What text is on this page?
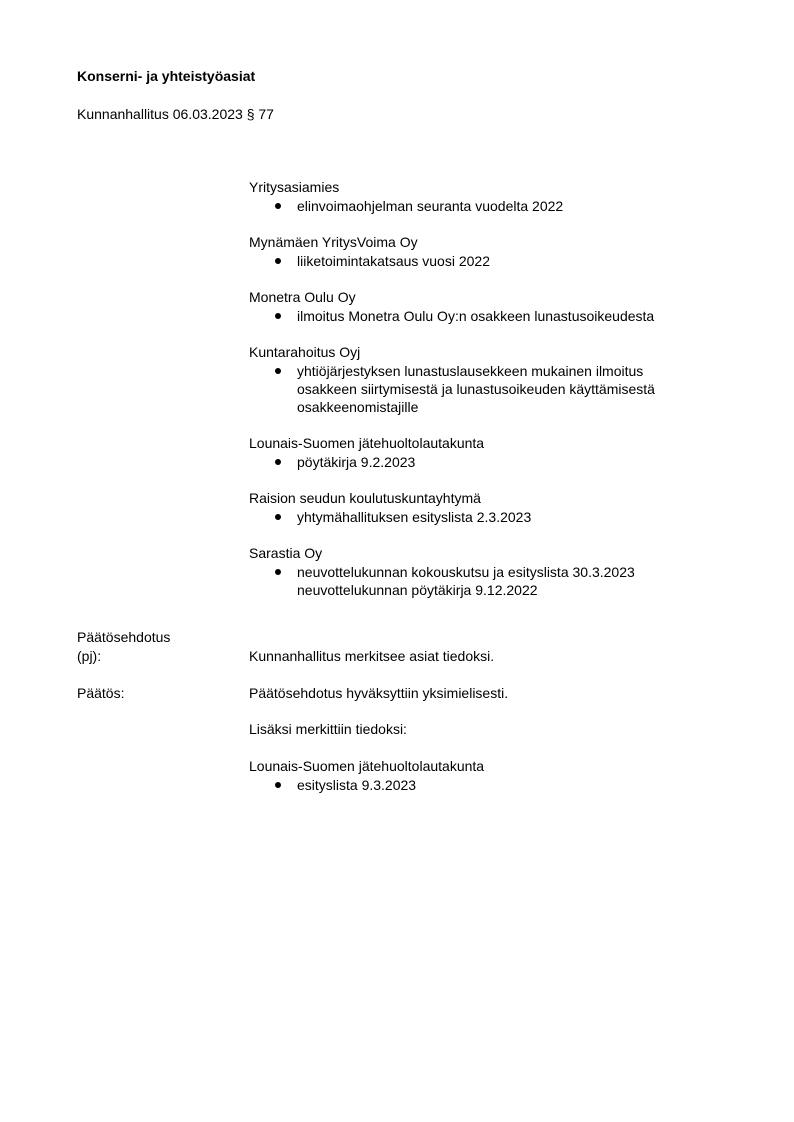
Konserni- ja yhteistyöasiat
Kunnanhallitus 06.03.2023 § 77
Yritysasiamies
elinvoimaohjelman seuranta vuodelta 2022
Mynämäen YritysVoima Oy
liiketoimintakatsaus vuosi 2022
Monetra Oulu Oy
ilmoitus Monetra Oulu Oy:n osakkeen lunastusoikeudesta
Kuntarahoitus Oyj
yhtiöjärjestyksen lunastuslausekkeen mukainen ilmoitus osakkeen siirtymisestä ja lunastusoikeuden käyttämisestä osakkeenomistajille
Lounais-Suomen jätehuoltolautakunta
pöytäkirja 9.2.2023
Raision seudun koulutuskuntayhtymä
yhtymähallituksen esityslista 2.3.2023
Sarastia Oy
neuvottelukunnan kokouskutsu ja esityslista 30.3.2023
neuvottelukunnan pöytäkirja 9.12.2022
Päätösehdotus
(pj):	Kunnanhallitus merkitsee asiat tiedoksi.
Päätös:	Päätösehdotus hyväksyttiin yksimielisesti.
Lisäksi merkittiin tiedoksi:
Lounais-Suomen jätehuoltolautakunta
esityslista 9.3.2023
